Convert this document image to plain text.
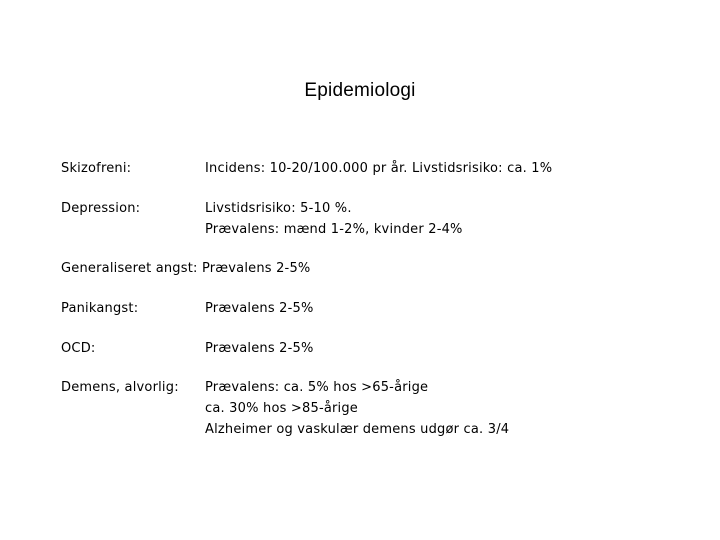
Epidemiologi
Skizofreni:	Incidens: 10-20/100.000 pr år. Livstidsrisiko: ca. 1%
Depression:	Livstidsrisiko: 5-10 %.
Prævalens: mænd 1-2%, kvinder 2-4%
Generaliseret angst: Prævalens 2-5%
Panikangst:	Prævalens 2-5%
OCD:	Prævalens 2-5%
Demens, alvorlig: Prævalens: ca. 5% hos >65-årige
ca. 30% hos >85-årige
Alzheimer og vaskulær demens udgør ca. 3/4
